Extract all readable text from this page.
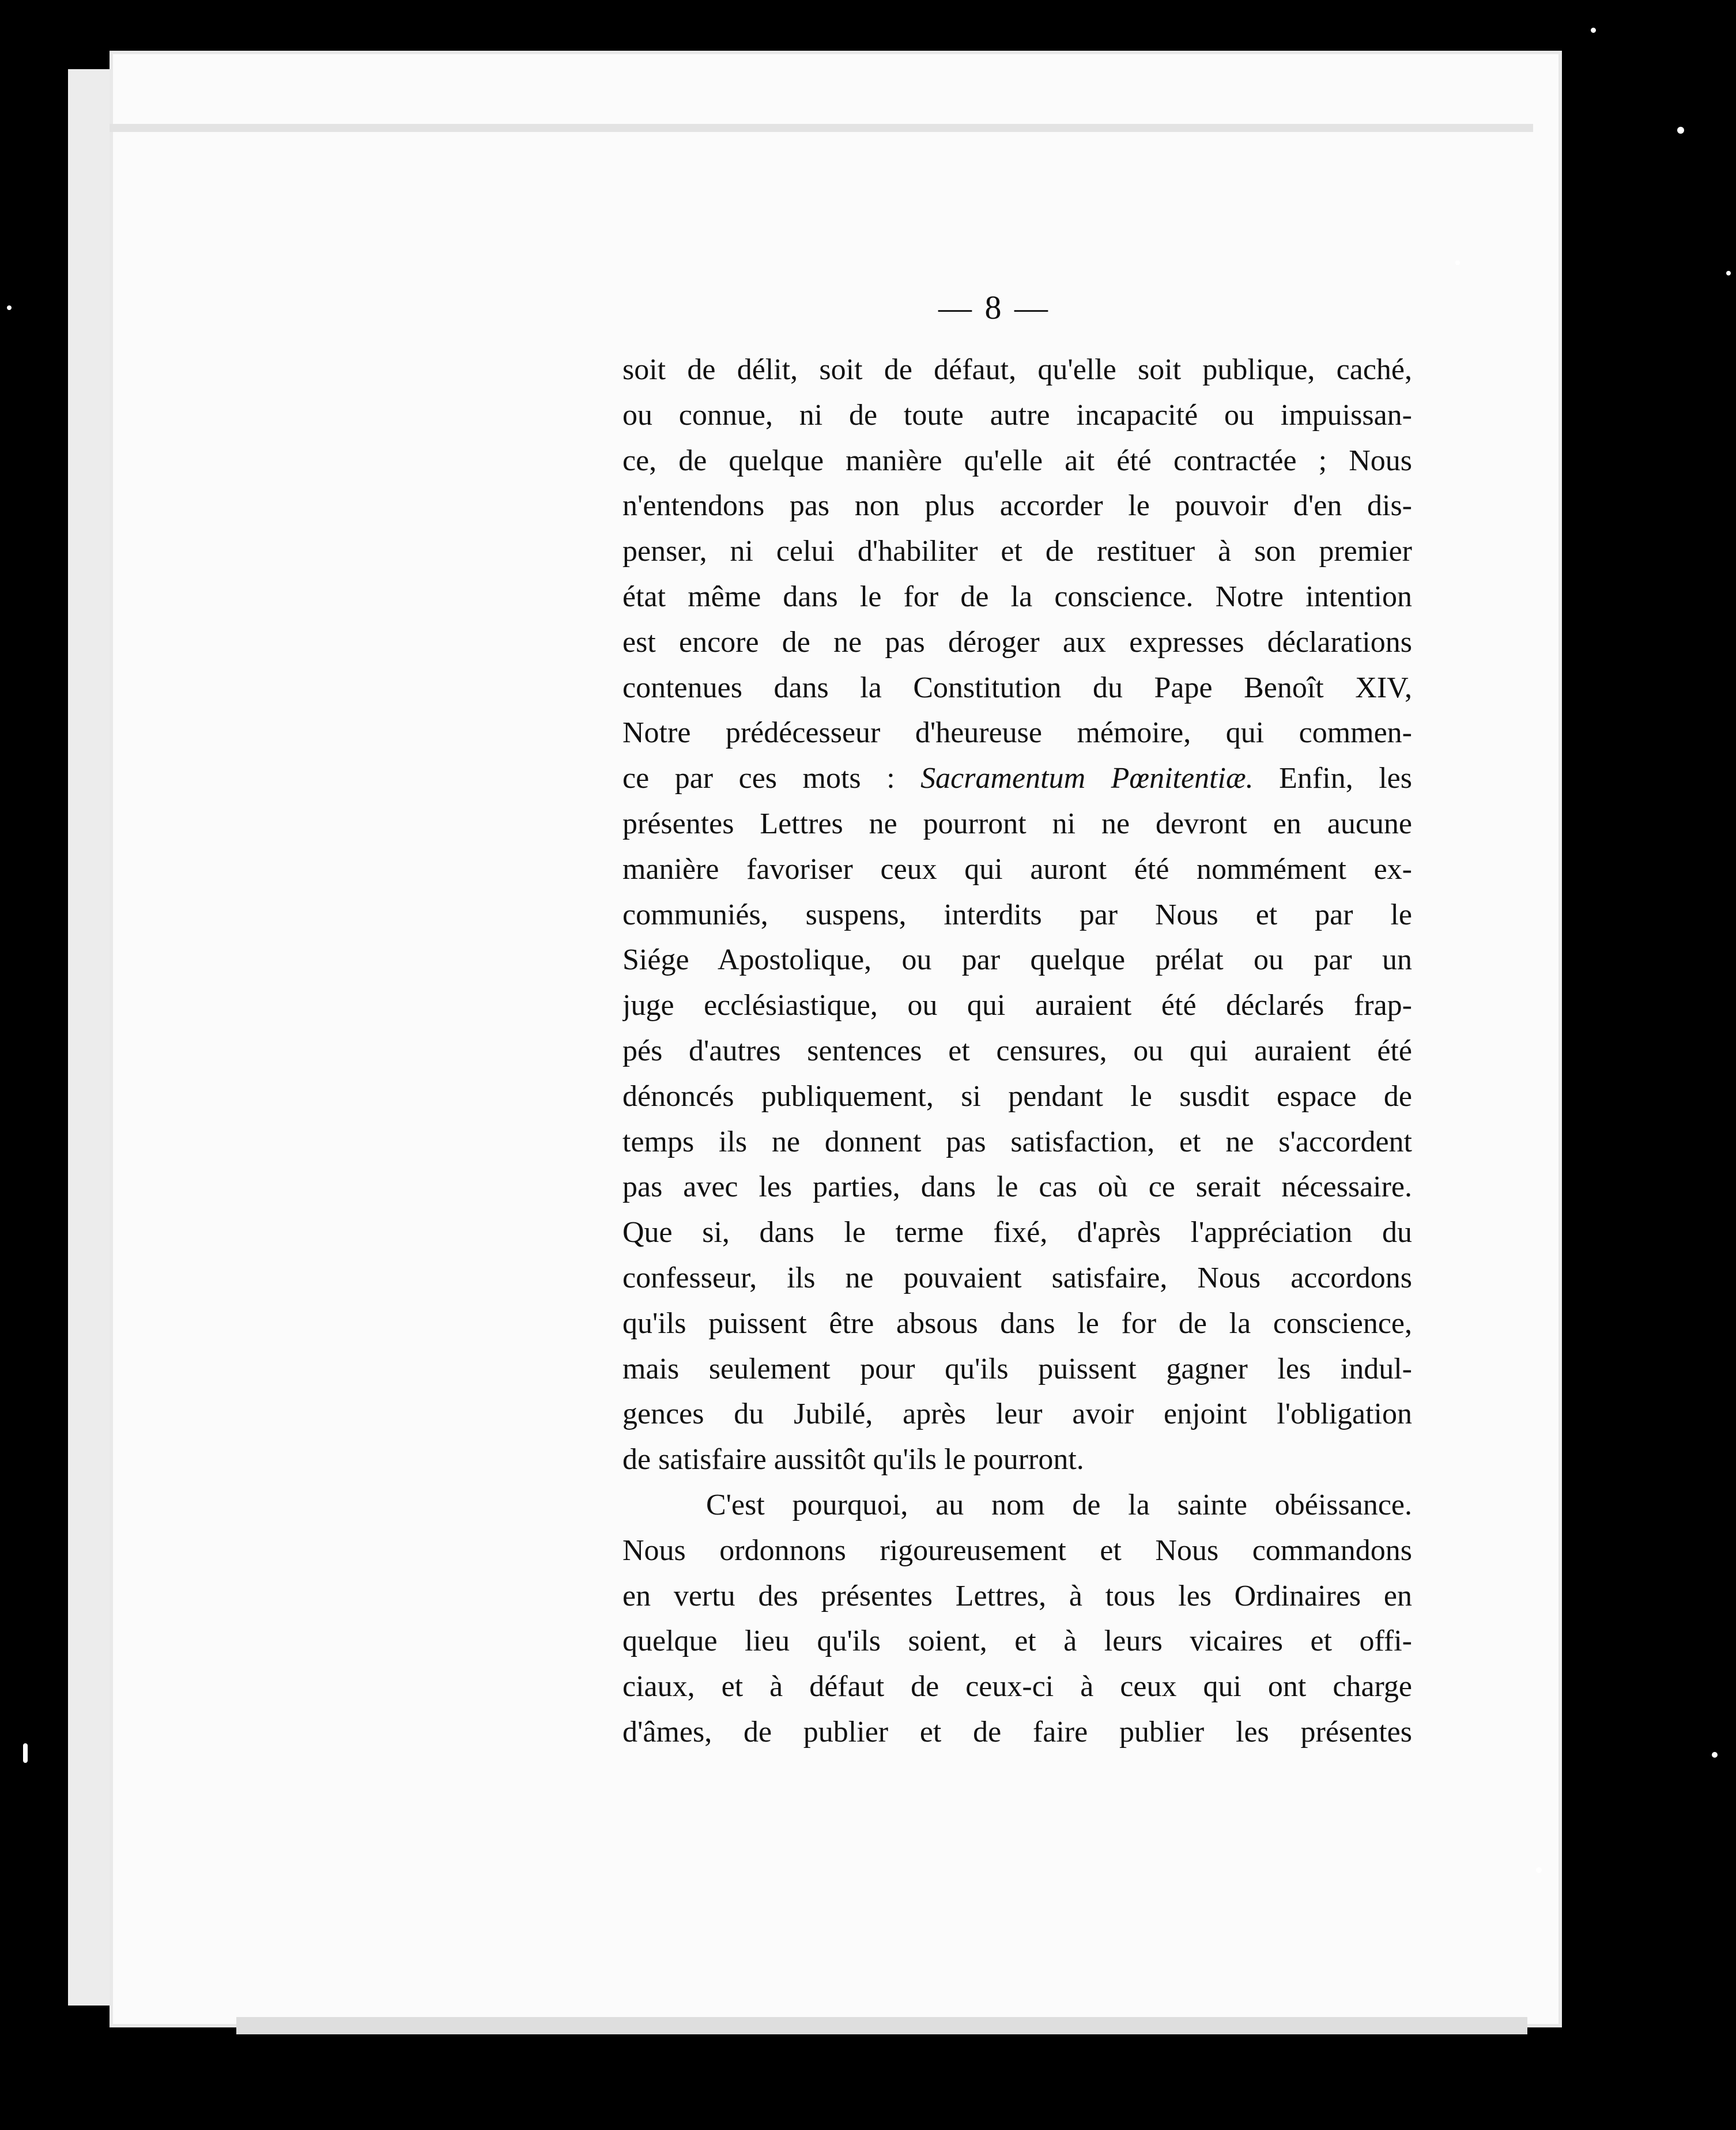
— 8 —
soit de délit, soit de défaut, qu'elle soit publique, caché,
ou connue, ni de toute autre incapacité ou impuissan-
ce, de quelque manière qu'elle ait été contractée ; Nous
n'entendons pas non plus accorder le pouvoir d'en dis-
penser, ni celui d'habiliter et de restituer à son premier
état même dans le for de la conscience. Notre intention
est encore de ne pas déroger aux expresses déclarations
contenues dans la Constitution du Pape Benoît XIV,
Notre prédécesseur d'heureuse mémoire, qui commen-
ce par ces mots : Sacramentum Pœnitentiæ. Enfin, les
présentes Lettres ne pourront ni ne devront en aucune
manière favoriser ceux qui auront été nommément ex-
communiés, suspens, interdits par Nous et par le
Siége Apostolique, ou par quelque prélat ou par un
juge ecclésiastique, ou qui auraient été déclarés frap-
pés d'autres sentences et censures, ou qui auraient été
dénoncés publiquement, si pendant le susdit espace de
temps ils ne donnent pas satisfaction, et ne s'accordent
pas avec les parties, dans le cas où ce serait nécessaire.
Que si, dans le terme fixé, d'après l'appréciation du
confesseur, ils ne pouvaient satisfaire, Nous accordons
qu'ils puissent être absous dans le for de la conscience,
mais seulement pour qu'ils puissent gagner les indul-
gences du Jubilé, après leur avoir enjoint l'obligation
de satisfaire aussitôt qu'ils le pourront.
C'est pourquoi, au nom de la sainte obéissance.
Nous ordonnons rigoureusement et Nous commandons
en vertu des présentes Lettres, à tous les Ordinaires en
quelque lieu qu'ils soient, et à leurs vicaires et offi-
ciaux, et à défaut de ceux-ci à ceux qui ont charge
d'âmes, de publier et de faire publier les présentes
